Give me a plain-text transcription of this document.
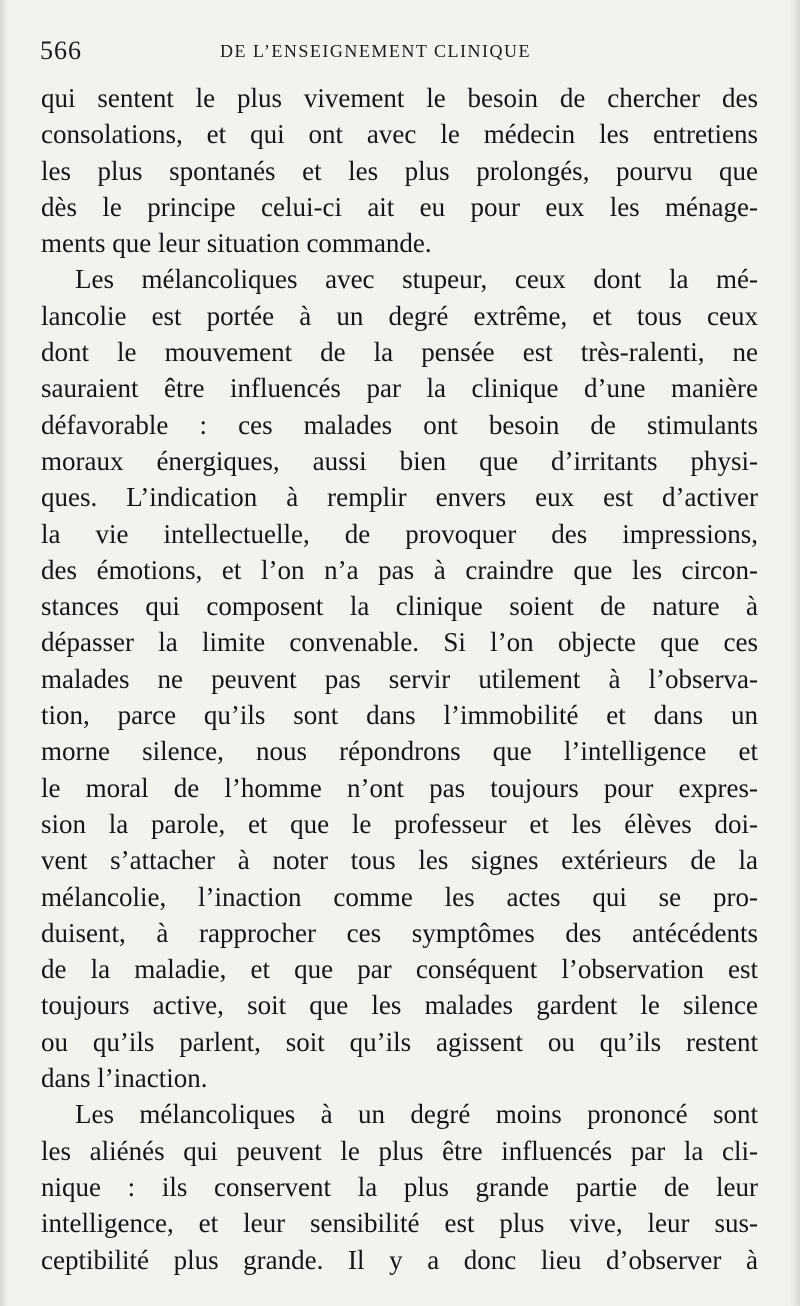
566	DE L’ENSEIGNEMENT CLINIQUE
qui sentent le plus vivement le besoin de chercher des
consolations, et qui ont avec le médecin les entretiens
les plus spontanés et les plus prolongés, pourvu que
dès le principe celui-ci ait eu pour eux les ménage-
ments que leur situation commande.
Les mélancoliques avec stupeur, ceux dont la mé-
lancolie est portée à un degré extrême, et tous ceux
dont le mouvement de la pensée est très-ralenti, ne
sauraient être influencés par la clinique d’une manière
défavorable : ces malades ont besoin de stimulants
moraux énergiques, aussi bien que d’irritants physi-
ques. L’indication à remplir envers eux est d’activer
la vie intellectuelle, de provoquer des impressions,
des émotions, et l’on n’a pas à craindre que les circon-
stances qui composent la clinique soient de nature à
dépasser la limite convenable. Si l’on objecte que ces
malades ne peuvent pas servir utilement à l’observa-
tion, parce qu’ils sont dans l’immobilité et dans un
morne silence, nous répondrons que l’intelligence et
le moral de l’homme n’ont pas toujours pour expres-
sion la parole, et que le professeur et les élèves doi-
vent s’attacher à noter tous les signes extérieurs de la
mélancolie, l’inaction comme les actes qui se pro-
duisent, à rapprocher ces symptômes des antécédents
de la maladie, et que par conséquent l’observation est
toujours active, soit que les malades gardent le silence
ou qu’ils parlent, soit qu’ils agissent ou qu’ils restent
dans l’inaction.
Les mélancoliques à un degré moins prononcé sont
les aliénés qui peuvent le plus être influencés par la cli-
nique : ils conservent la plus grande partie de leur
intelligence, et leur sensibilité est plus vive, leur sus-
ceptibilité plus grande. Il y a donc lieu d’observer à
